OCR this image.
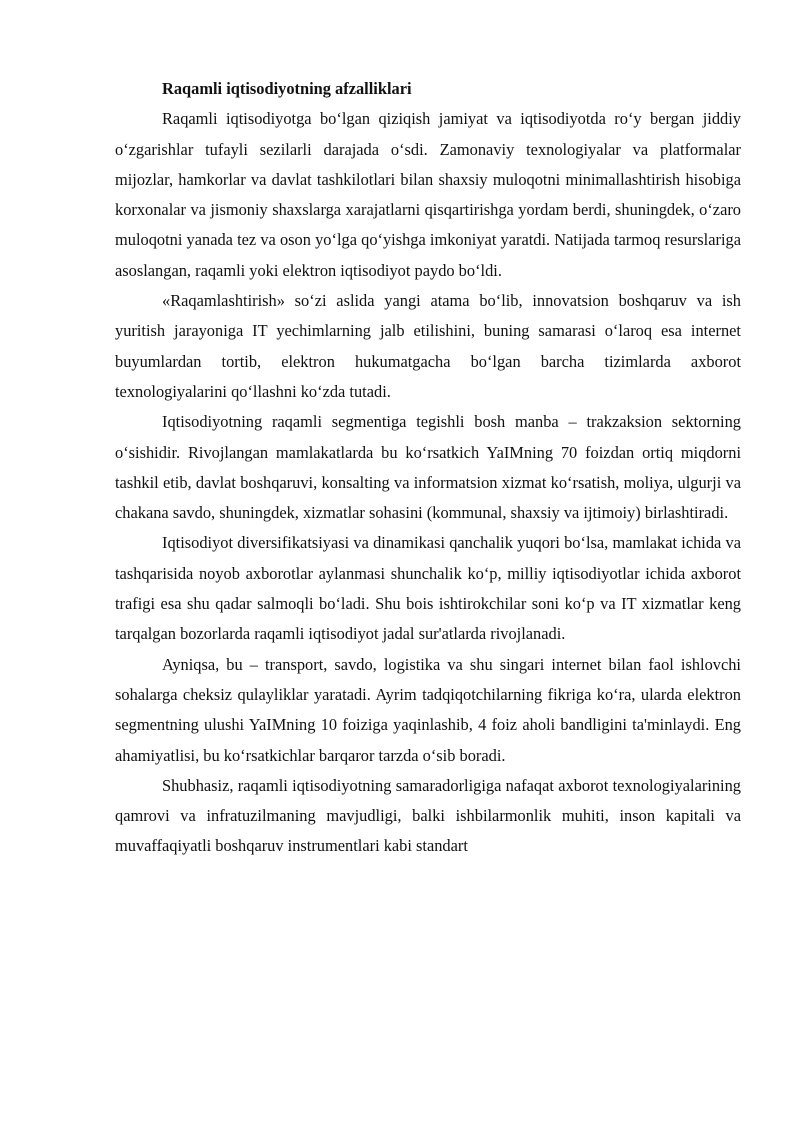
Raqamli iqtisodiyotning afzalliklari

Raqamli iqtisodiyotga bo‘lgan qiziqish jamiyat va iqtisodiyotda ro‘y bergan jiddiy o‘zgarishlar tufayli sezilarli darajada o‘sdi. Zamonaviy texnologiyalar va platformalar mijozlar, hamkorlar va davlat tashkilotlari bilan shaxsiy muloqotni minimallashtirish hisobiga korxonalar va jismoniy shaxslarga xarajatlarni qisqartirishga yordam berdi, shuningdek, o‘zaro muloqotni yanada tez va oson yo‘lga qo‘yishga imkoniyat yaratdi. Natijada tarmoq resurslariga asoslangan, raqamli yoki elektron iqtisodiyot paydo bo‘ldi.

«Raqamlashtirish» so‘zi aslida yangi atama bo‘lib, innovatsion boshqaruv va ish yuritish jarayoniga IT yechimlarning jalb etilishini, buning samarasi o‘laroq esa internet buyumlardan tortib, elektron hukumatgacha bo‘lgan barcha tizimlarda axborot texnologiyalarini qo‘llashni ko‘zda tutadi.

Iqtisodiyotning raqamli segmentiga tegishli bosh manba – trakzaksion sektorning o‘sishidir. Rivojlangan mamlakatlarda bu ko‘rsatkich YaIMning 70 foizdan ortiq miqdorni tashkil etib, davlat boshqaruvi, konsalting va informatsion xizmat ko‘rsatish, moliya, ulgurji va chakana savdo, shuningdek, xizmatlar sohasini (kommunal, shaxsiy va ijtimoiy) birlashtiradi.

Iqtisodiyot diversifikatsiyasi va dinamikasi qanchalik yuqori bo‘lsa, mamlakat ichida va tashqarisida noyob axborotlar aylanmasi shunchalik ko‘p, milliy iqtisodiyotlar ichida axborot trafigi esa shu qadar salmoqli bo‘ladi. Shu bois ishtirokchilar soni ko‘p va IT xizmatlar keng tarqalgan bozorlarda raqamli iqtisodiyot jadal sur'atlarda rivojlanadi.

Ayniqsa, bu – transport, savdo, logistika va shu singari internet bilan faol ishlovchi sohalarga cheksiz qulayliklar yaratadi. Ayrim tadqiqotchilarning fikriga ko‘ra, ularda elektron segmentning ulushi YaIMning 10 foiziga yaqinlashib, 4 foiz aholi bandligini ta'minlaydi. Eng ahamiyatlisi, bu ko‘rsatkichlar barqaror tarzda o‘sib boradi.

Shubhasiz, raqamli iqtisodiyotning samaradorligiga nafaqat axborot texnologiyalarining qamrovi va infratuzilmaning mavjudligi, balki ishbilarmonlik muhiti, inson kapitali va muvaffaqiyatli boshqaruv instrumentlari kabi standart
